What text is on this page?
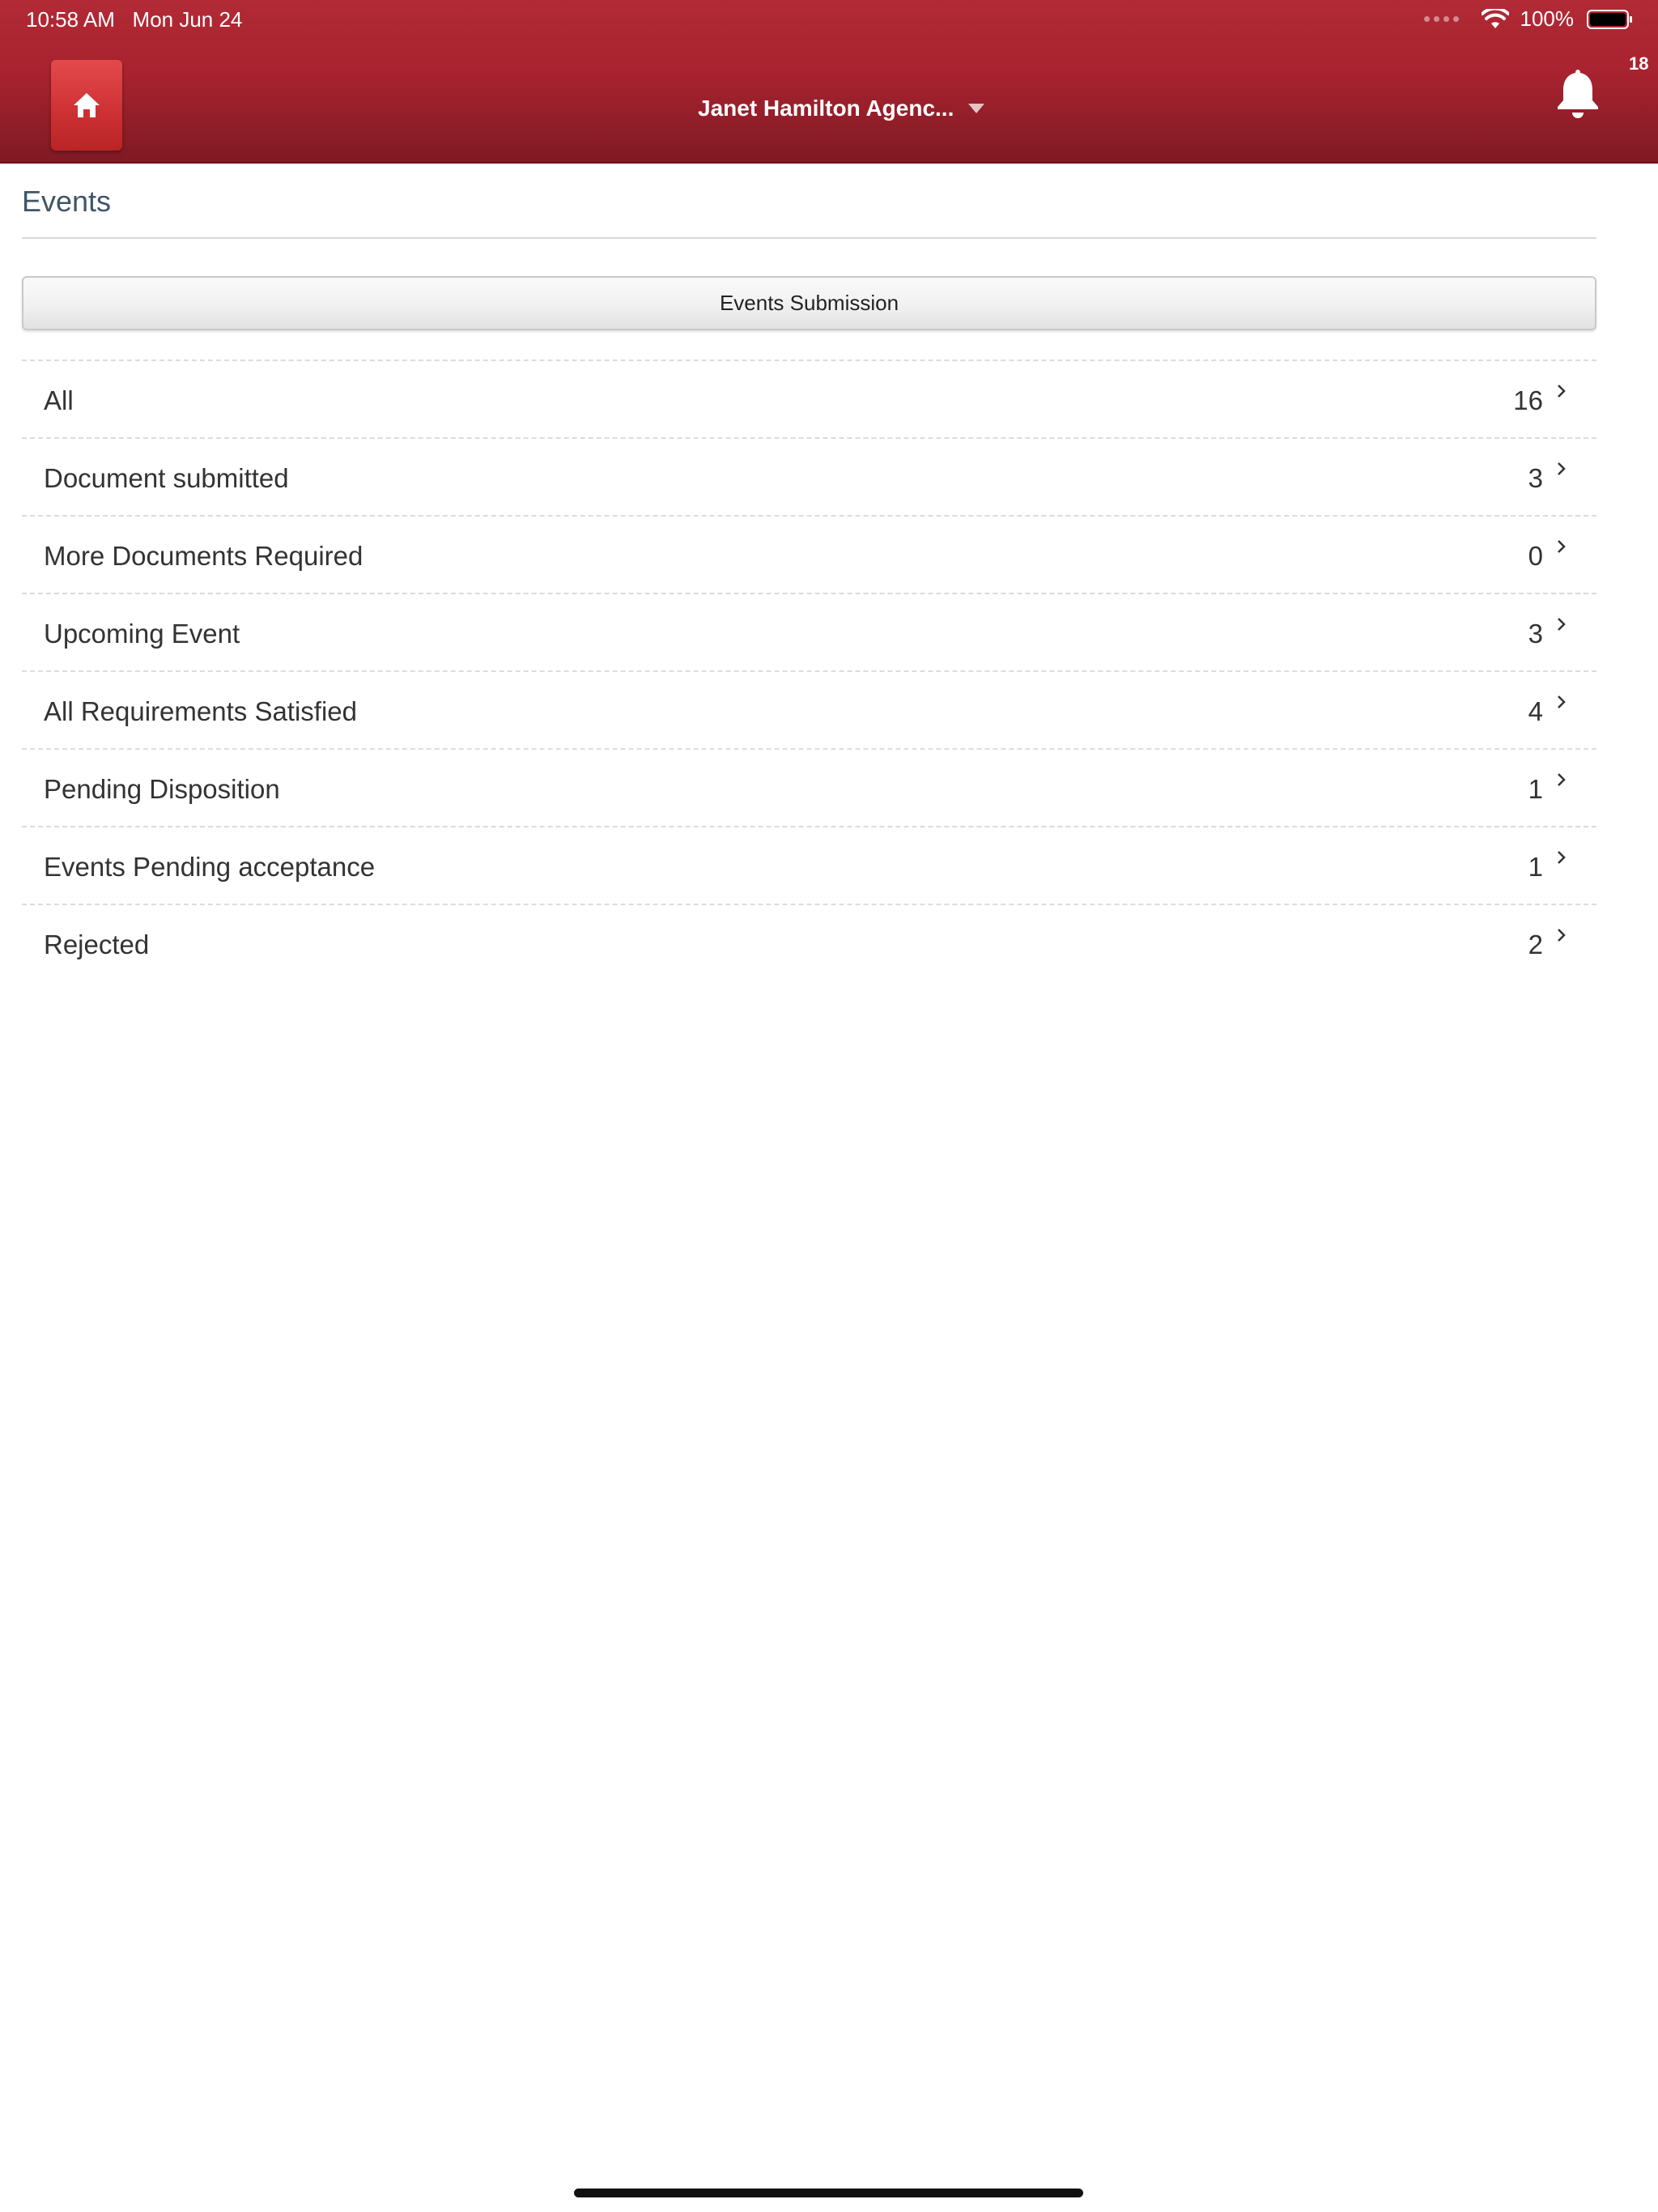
10:58 AM Mon Jun 24	100%
Janet Hamilton Agenc...
18
Events
Events Submission
All	16
Document submitted	3
More Documents Required	0
Upcoming Event	3
All Requirements Satisfied	4
Pending Disposition	1
Events Pending acceptance	1
Rejected	2
